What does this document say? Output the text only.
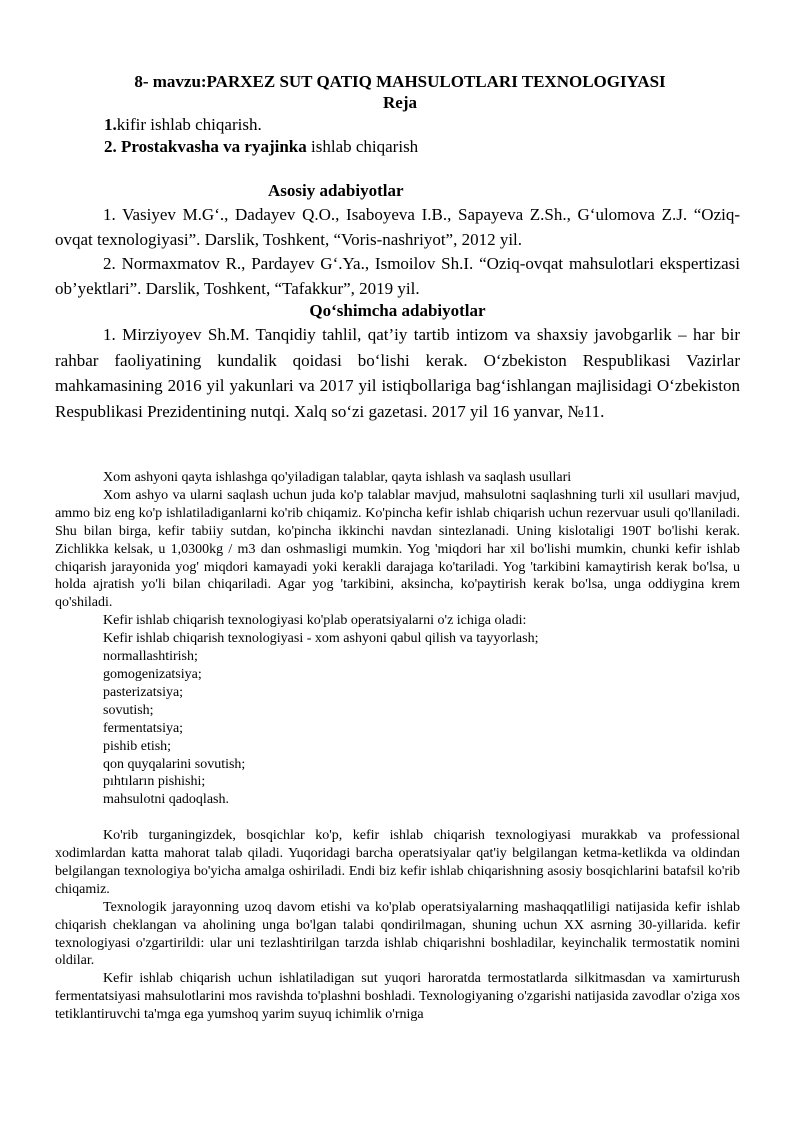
8- mavzu:PARXEZ SUT QATIQ MAHSULOTLARI TEXNOLOGIYASI
Reja
1.kifir ishlab chiqarish.
2. Prostakvasha va ryajinka ishlab chiqarish
Asosiy adabiyotlar

1. Vasiyev M.G‘., Dadayev Q.O., Isaboyeva I.B., Sapayeva Z.Sh., G‘ulomova Z.J. “Oziq-ovqat texnologiyasi”. Darslik, Toshkent, “Voris-nashriyot”, 2012 yil.

2. Normaxmatov R., Pardayev G‘.Ya., Ismoilov Sh.I. “Oziq-ovqat mahsulotlari ekspertizasi ob’yektlari”. Darslik, Toshkent, “Tafakkur”, 2019 yil.

Qo‘shimcha adabiyotlar

1. Mirziyoyev Sh.M. Tanqidiy tahlil, qat’iy tartib intizom va shaxsiy javobgarlik – har bir rahbar faoliyatining kundalik qoidasi bo‘lishi kerak. O‘zbekiston Respublikasi Vazirlar mahkamasining 2016 yil yakunlari va 2017 yil istiqbollariga bag‘ishlangan majlisidagi O‘zbekiston Respublikasi Prezidentining nutqi. Xalq so‘zi gazetasi. 2017 yil 16 yanvar, №11.

Xom ashyoni qayta ishlashga qo'yiladigan talablar, qayta ishlash va saqlash usullari

Xom ashyo va ularni saqlash uchun juda ko'p talablar mavjud, mahsulotni saqlashning turli xil usullari mavjud, ammo biz eng ko'p ishlatiladiganlarni ko'rib chiqamiz. Ko'pincha kefir ishlab chiqarish uchun rezervuar usuli qo'llaniladi. Shu bilan birga, kefir tabiiy sutdan, ko'pincha ikkinchi navdan sintezlanadi. Uning kislotaligi 190T bo'lishi kerak. Zichlikka kelsak, u 1,0300kg / m3 dan oshmasligi mumkin. Yog 'miqdori har xil bo'lishi mumkin, chunki kefir ishlab chiqarish jarayonida yog' miqdori kamayadi yoki kerakli darajaga ko'tariladi. Yog 'tarkibini kamaytirish kerak bo'lsa, u holda ajratish yo'li bilan chiqariladi. Agar yog 'tarkibini, aksincha, ko'paytirish kerak bo'lsa, unga oddiygina krem qo'shiladi.

Kefir ishlab chiqarish texnologiyasi ko'plab operatsiyalarni o'z ichiga oladi:

Kefir ishlab chiqarish texnologiyasi - xom ashyoni qabul qilish va tayyorlash;
normallashtirish;
gomogenizatsiya;
pasterizatsiya;
sovutish;
fermentatsiya;
pishib etish;
qon quyqalarini sovutish;
pıhtıların pishishi;
mahsulotni qadoqlash.

Ko'rib turganingizdek, bosqichlar ko'p, kefir ishlab chiqarish texnologiyasi murakkab va professional xodimlardan katta mahorat talab qiladi. Yuqoridagi barcha operatsiyalar qat'iy belgilangan ketma-ketlikda va oldindan belgilangan texnologiya bo'yicha amalga oshiriladi. Endi biz kefir ishlab chiqarishning asosiy bosqichlarini batafsil ko'rib chiqamiz.

Texnologik jarayonning uzoq davom etishi va ko'plab operatsiyalarning mashaqqatliligi natijasida kefir ishlab chiqarish cheklangan va aholining unga bo'lgan talabi qondirilmagan, shuning uchun XX asrning 30-yillarida. kefir texnologiyasi o'zgartirildi: ular uni tezlashtirilgan tarzda ishlab chiqarishni boshladilar, keyinchalik termostatik nomini oldilar.

Kefir ishlab chiqarish uchun ishlatiladigan sut yuqori haroratda termostatlarda silkitmasdan va xamirturush fermentatsiyasi mahsulotlarini mos ravishda to'plashni boshladi. Texnologiyaning o'zgarishi natijasida zavodlar o'ziga xos tetiklantiruvchi ta'mga ega yumshoq yarim suyuq ichimlik o'rniga
